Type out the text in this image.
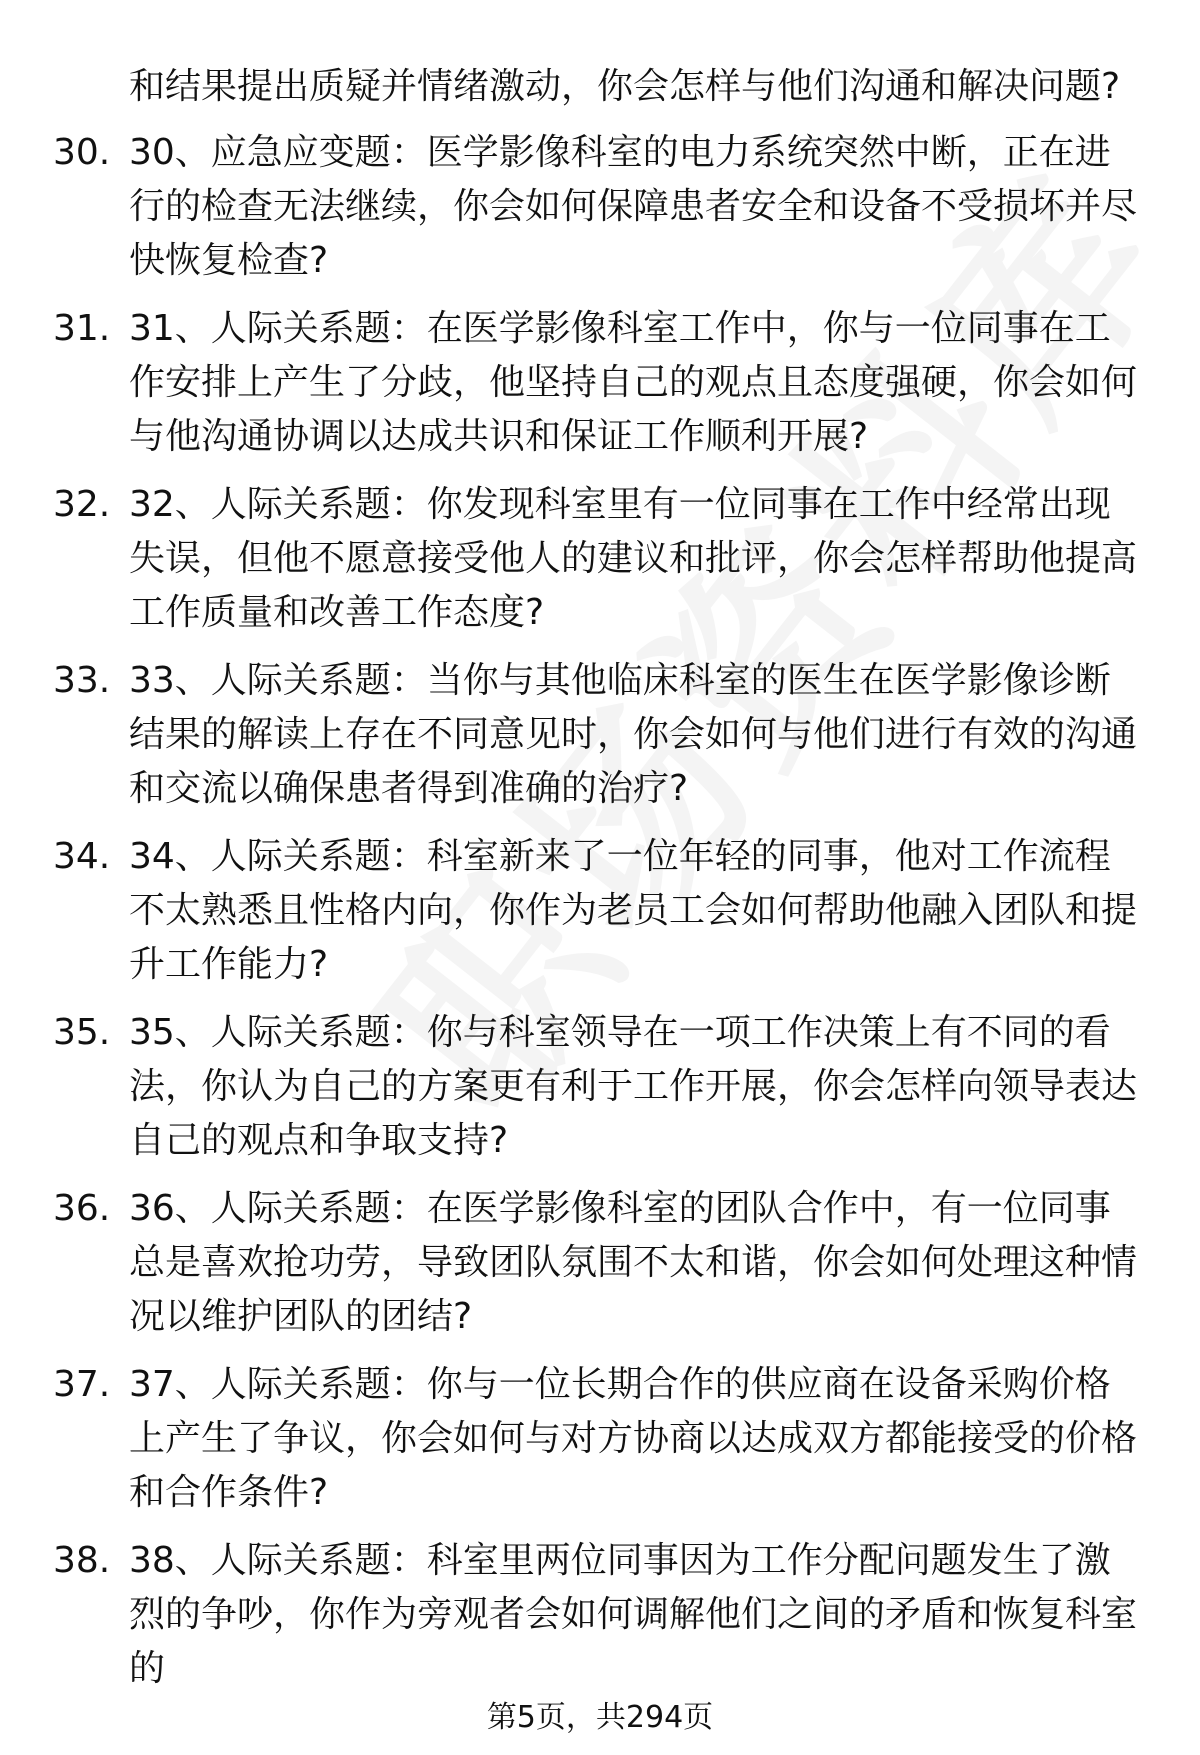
和结果提出质疑并情绪激动，你会怎样与他们沟通和解决问题?

30. 30、应急应变题：医学影像科室的电力系统突然中断，正在进行的检查无法继续，你会如何保障患者安全和设备不受损坏并尽快恢复检查?

31. 31、人际关系题：在医学影像科室工作中，你与一位同事在工作安排上产生了分歧，他坚持自己的观点且态度强硬，你会如何与他沟通协调以达成共识和保证工作顺利开展?

32. 32、人际关系题：你发现科室里有一位同事在工作中经常出现失误，但他不愿意接受他人的建议和批评，你会怎样帮助他提高工作质量和改善工作态度?

33. 33、人际关系题：当你与其他临床科室的医生在医学影像诊断结果的解读上存在不同意见时，你会如何与他们进行有效的沟通和交流以确保患者得到准确的治疗?

34. 34、人际关系题：科室新来了一位年轻的同事，他对工作流程不太熟悉且性格内向，你作为老员工会如何帮助他融入团队和提升工作能力?

35. 35、人际关系题：你与科室领导在一项工作决策上有不同的看法，你认为自己的方案更有利于工作开展，你会怎样向领导表达自己的观点和争取支持?

36. 36、人际关系题：在医学影像科室的团队合作中，有一位同事总是喜欢抢功劳，导致团队氛围不太和谐，你会如何处理这种情况以维护团队的团结?

37. 37、人际关系题：你与一位长期合作的供应商在设备采购价格上产生了争议，你会如何与对方协商以达成双方都能接受的价格和合作条件?

38. 38、人际关系题：科室里两位同事因为工作分配问题发生了激烈的争吵，你作为旁观者会如何调解他们之间的矛盾和恢复科室的

第5页，共294页
